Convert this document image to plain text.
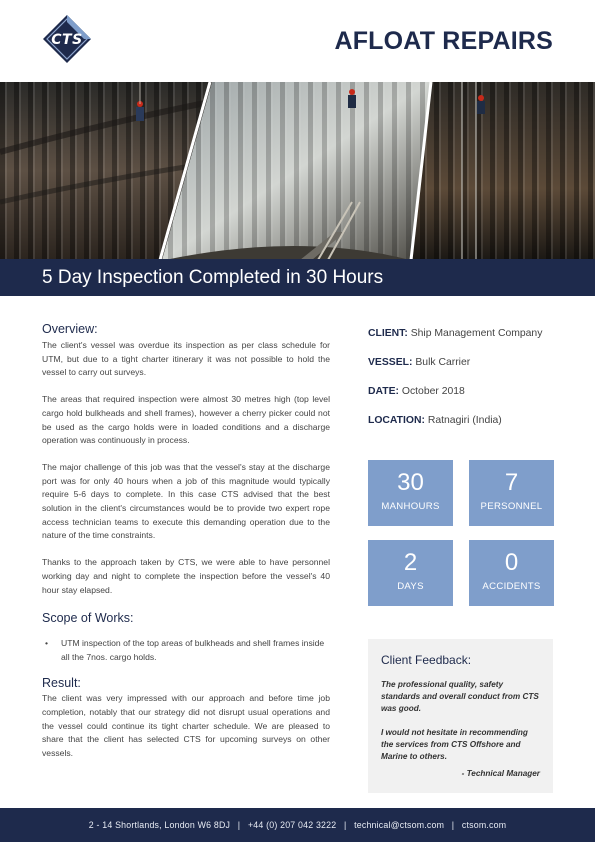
CTS	AFLOAT REPAIRS
5 Day Inspection Completed in 30 Hours
Overview:

The client's vessel was overdue its inspection as per class schedule for UTM, but due to a tight charter itinerary it was not possible to hold the vessel to carry out surveys.

The areas that required inspection were almost 30 metres high (top level cargo hold bulkheads and shell frames), however a cherry picker could not be used as the cargo holds were in loaded conditions and a discharge operation was continuously in process.

The major challenge of this job was that the vessel's stay at the discharge port was for only 40 hours when a job of this magnitude would typically require 5-6 days to complete. In this case CTS advised that the best solution in the client's circumstances would be to provide two expert rope access technician teams to execute this demanding operation due to the nature of the time constraints.

Thanks to the approach taken by CTS, we were able to have personnel working day and night to complete the inspection before the vessel's 40 hour stay elapsed.

Scope of Works:
• UTM inspection of the top areas of bulkheads and shell frames inside all the 7nos. cargo holds.
Result:

The client was very impressed with our approach and before time job completion, notably that our strategy did not disrupt usual operations and the vessel could continue its tight charter schedule. We are pleased to share that the client has selected CTS for upcoming surveys on other vessels.

CLIENT: Ship Management Company
VESSEL: Bulk Carrier
DATE: October 2018
LOCATION: Ratnagiri (India)
30
MANHOURS
7
PERSONNEL
2
DAYS
0
ACCIDENTS
Client Feedback:

The professional quality, safety standards and overall conduct from CTS was good.

I would not hesitate in recommending the services from CTS Offshore and Marine to others.

- Technical Manager

2 - 14 Shortlands, London W6 8DJ | +44 (0) 207 042 3222 | technical@ctsom.com | ctsom.com
